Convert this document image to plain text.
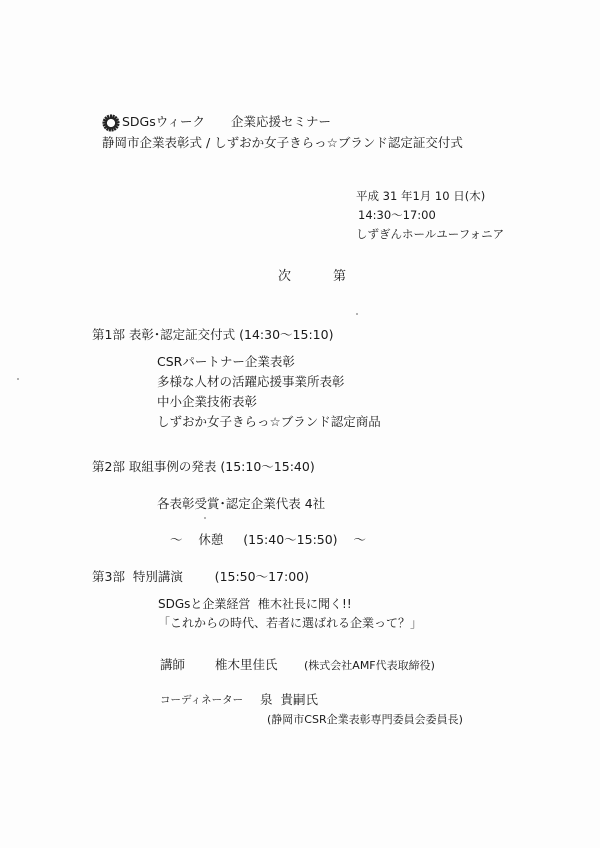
SDGsウィーク 企業応援セミナー
静岡市企業表彰式 / しずおか女子きらっ☆ブランド認定証交付式
平成 31 年1月 10 日(木)
14:30〜17:00
しずぎんホールユーフォニア
次	第
第1部 表彰･認定証交付式 (14:30〜15:10)
CSRパートナー企業表彰
多様な人材の活躍応援事業所表彰
中小企業技術表彰
しずおか女子きらっ☆ブランド認定商品
第2部 取組事例の発表 (15:10〜15:40)
各表彰受賞･認定企業代表 4社
〜    休憩     (15:40〜15:50)    〜
第3部  特別講演        (15:50〜17:00)
SDGsと企業経営  椎木社長に聞く!!
「これからの時代、若者に選ばれる企業って？」
講師 椎木里佳氏 (株式会社AMF代表取締役)
コーディネーター 泉  貴嗣氏
(静岡市CSR企業表彰専門委員会委員長)
